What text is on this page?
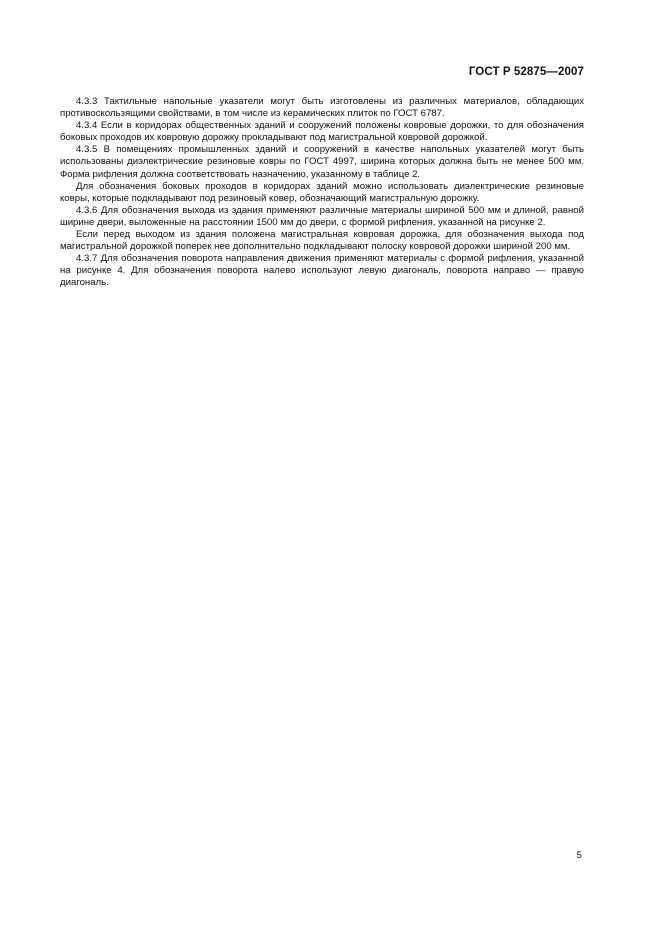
ГОСТ Р 52875—2007

4.3.3 Тактильные напольные указатели могут быть изготовлены из различных материалов, обладающих противоскользящими свойствами, в том числе из керамических плиток по ГОСТ 6787.

4.3.4 Если в коридорах общественных зданий и сооружений положены ковровые дорожки, то для обозначения боковых проходов их ковровую дорожку прокладывают под магистральной ковровой дорожкой.

4.3.5 В помещениях промышленных зданий и сооружений в качестве напольных указателей могут быть использованы диэлектрические резиновые ковры по ГОСТ 4997, ширина которых должна быть не менее 500 мм. Форма рифления должна соответствовать назначению, указанному в таблице 2.

Для обозначения боковых проходов в коридорах зданий можно использовать диэлектрические резиновые ковры, которые подкладывают под резиновый ковер, обозначающий магистральную дорожку.

4.3.6 Для обозначения выхода из здания применяют различные материалы шириной 500 мм и длиной, равной ширине двери, выложенные на расстоянии 1500 мм до двери, с формой рифления, указанной на рисунке 2.

Если перед выходом из здания положена магистральная ковровая дорожка, для обозначения выхода под магистральной дорожкой поперек нее дополнительно подкладывают полоску ковровой дорожки шириной 200 мм.

4.3.7 Для обозначения поворота направления движения применяют материалы с формой рифления, указанной на рисунке 4. Для обозначения поворота налево используют левую диагональ, поворота направо — правую диагональ.

5
